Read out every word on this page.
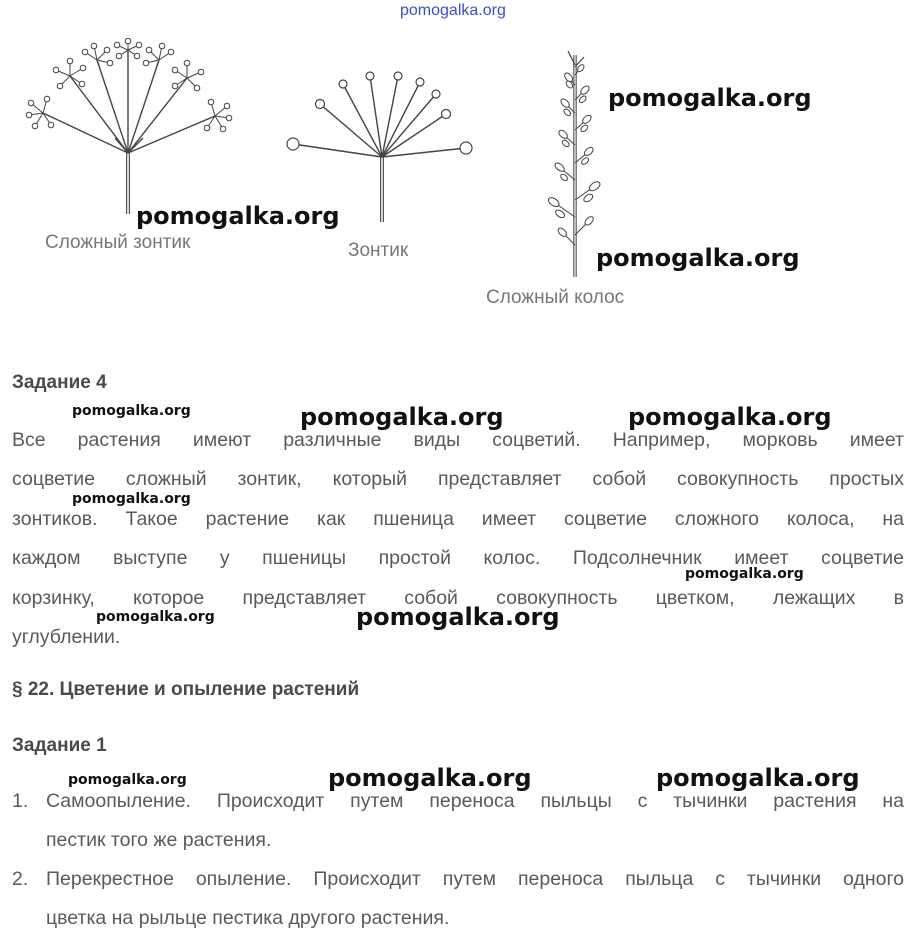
pomogalka.org
Сложный зонтик	Зонтик
Сложный колос
pomogalka.org
pomogalka.org
pomogalka.org
Задание 4
pomogalka.org	pomogalka.org	pomogalka.org
Все растения имеют различные виды соцветий. Например, морковь имеет
соцветие сложный зонтик, который представляет собой совокупность простых
pomogalka.org
зонтиков. Такое растение как пшеница имеет соцветие сложного колоса, на
каждом выступе у пшеницы простой колос. Подсолнечник имеет соцветие
pomogalka.org
корзинку, которое представляет собой совокупность цветком, лежащих в
pomogalka.org	pomogalka.org
углублении.
§ 22. Цветение и опыление растений
Задание 1
pomogalka.org	pomogalka.org	pomogalka.org
1. Самоопыление. Происходит путем переноса пыльцы с тычинки растения на
пестик того же растения.
2. Перекрестное опыление. Происходит путем переноса пыльца с тычинки одного
цветка на рыльце пестика другого растения.
